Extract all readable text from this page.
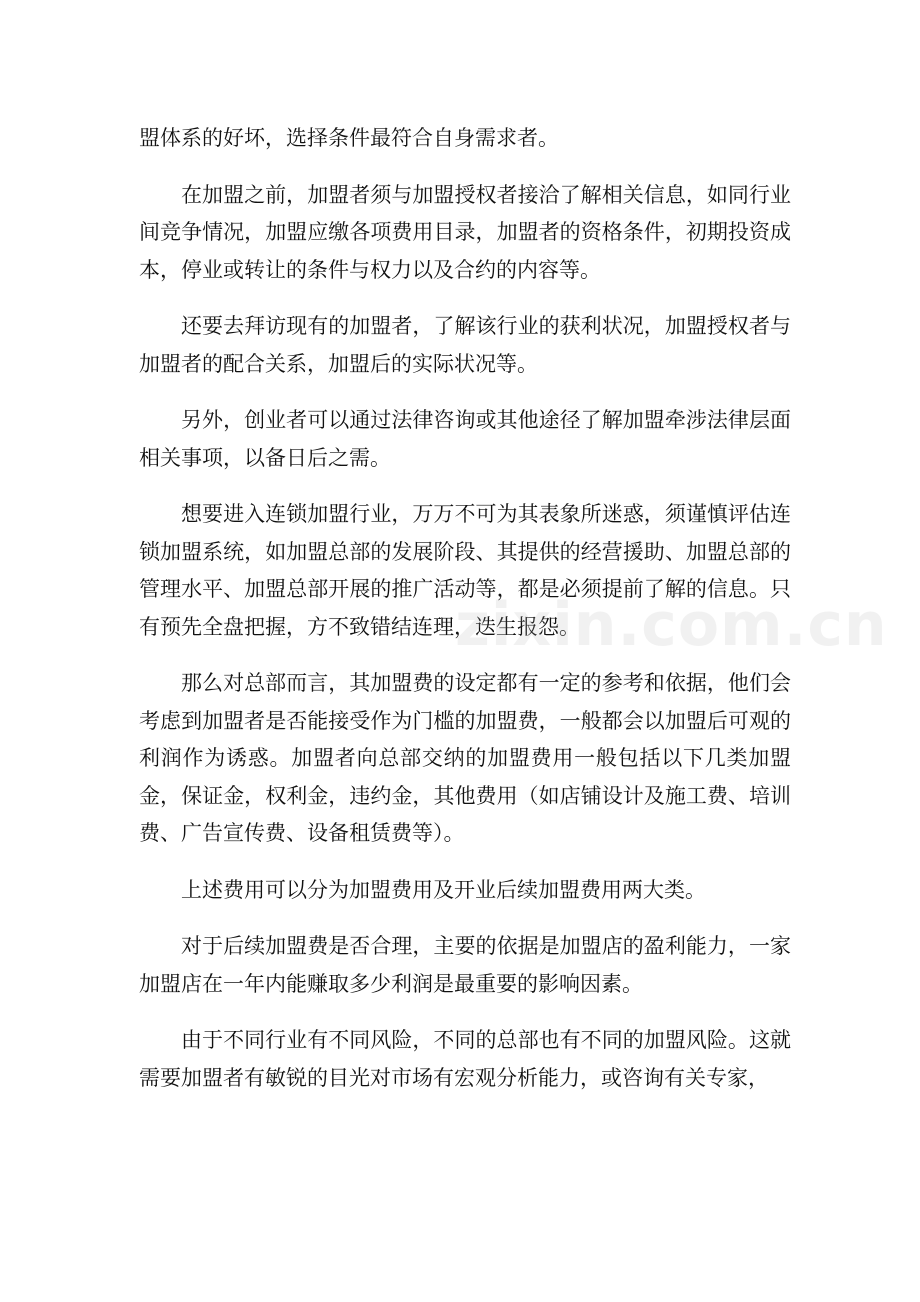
盟体系的好坏，选择条件最符合自身需求者。

在加盟之前，加盟者须与加盟授权者接洽了解相关信息，如同行业间竞争情况，加盟应缴各项费用目录，加盟者的资格条件，初期投资成本，停业或转让的条件与权力以及合约的内容等。

还要去拜访现有的加盟者，了解该行业的获利状况，加盟授权者与加盟者的配合关系，加盟后的实际状况等。

另外，创业者可以通过法律咨询或其他途径了解加盟牵涉法律层面相关事项，以备日后之需。

想要进入连锁加盟行业，万万不可为其表象所迷惑，须谨慎评估连锁加盟系统，如加盟总部的发展阶段、其提供的经营援助、加盟总部的管理水平、加盟总部开展的推广活动等，都是必须提前了解的信息。只有预先全盘把握，方不致错结连理，迭生报怨。

那么对总部而言，其加盟费的设定都有一定的参考和依据，他们会考虑到加盟者是否能接受作为门槛的加盟费，一般都会以加盟后可观的利润作为诱惑。加盟者向总部交纳的加盟费用一般包括以下几类加盟金，保证金，权利金，违约金，其他费用（如店铺设计及施工费、培训费、广告宣传费、设备租赁费等）。

上述费用可以分为加盟费用及开业后续加盟费用两大类。

对于后续加盟费是否合理，主要的依据是加盟店的盈利能力，一家加盟店在一年内能赚取多少利润是最重要的影响因素。

由于不同行业有不同风险，不同的总部也有不同的加盟风险。这就需要加盟者有敏锐的目光对市场有宏观分析能力，或咨询有关专家，

zixin.com.cn
